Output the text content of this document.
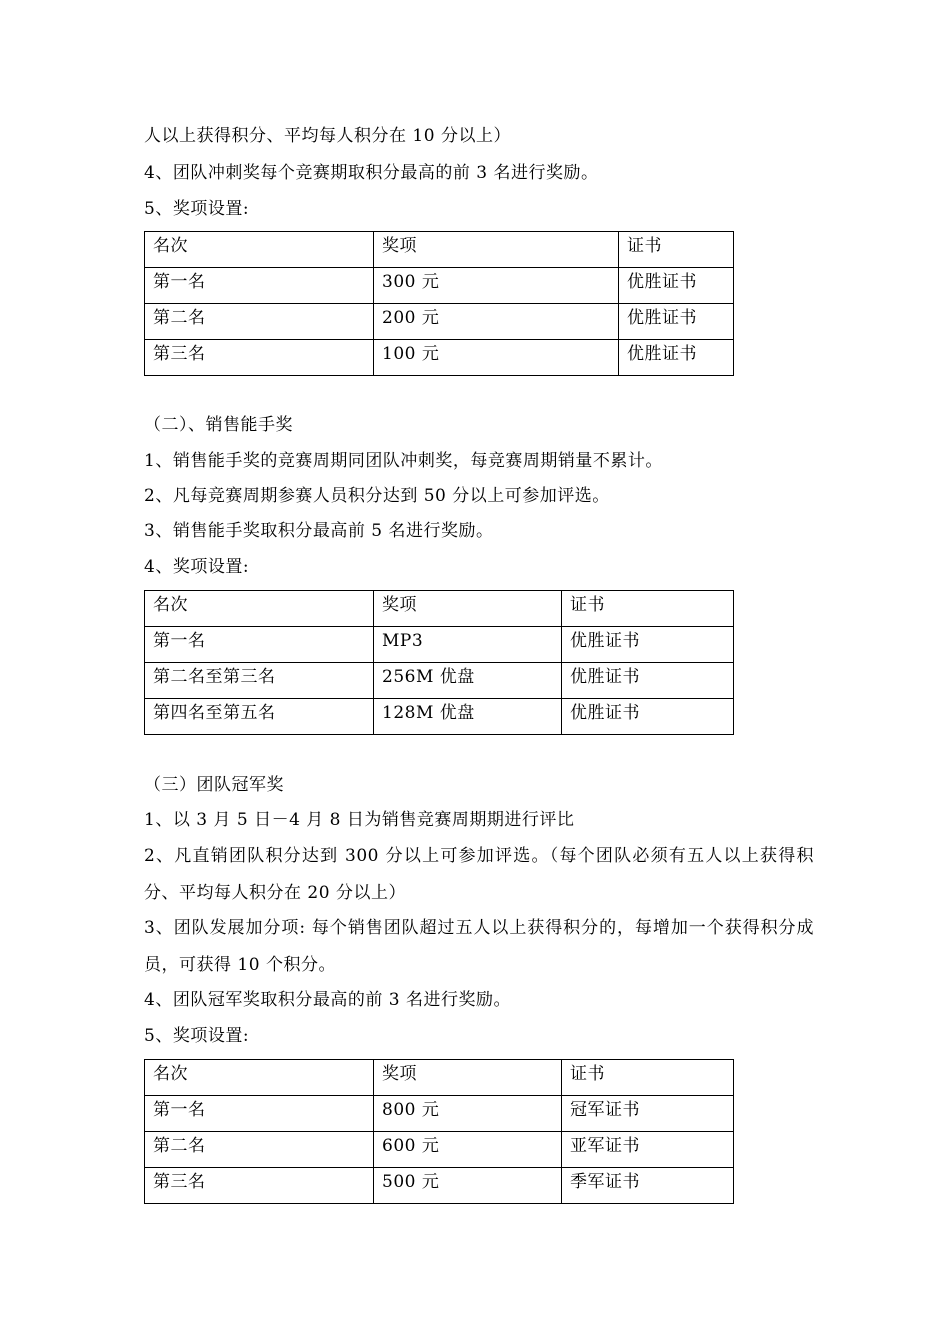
人以上获得积分、平均每人积分在 10 分以上）
4、团队冲刺奖每个竞赛期取积分最高的前 3 名进行奖励。
5、奖项设置:
名次	奖项	证书
第一名	300 元	优胜证书
第二名	200 元	优胜证书
第三名	100 元	优胜证书
（二）、销售能手奖
1、销售能手奖的竞赛周期同团队冲刺奖，每竞赛周期销量不累计。
2、凡每竞赛周期参赛人员积分达到 50 分以上可参加评选。
3、销售能手奖取积分最高前 5 名进行奖励。
4、奖项设置:
名次	奖项	证书
第一名	MP3	优胜证书
第二名至第三名	256M 优盘	优胜证书
第四名至第五名	128M 优盘	优胜证书
（三）团队冠军奖
1、以 3 月 5 日－4 月 8 日为销售竞赛周期期进行评比
2、凡直销团队积分达到 300 分以上可参加评选。（每个团队必须有五人以上获得积分、平均每人积分在 20 分以上）
3、团队发展加分项: 每个销售团队超过五人以上获得积分的，每增加一个获得积分成员，可获得 10 个积分。
4、团队冠军奖取积分最高的前 3 名进行奖励。
5、奖项设置:
名次	奖项	证书
第一名	800 元	冠军证书
第二名	600 元	亚军证书
第三名	500 元	季军证书
